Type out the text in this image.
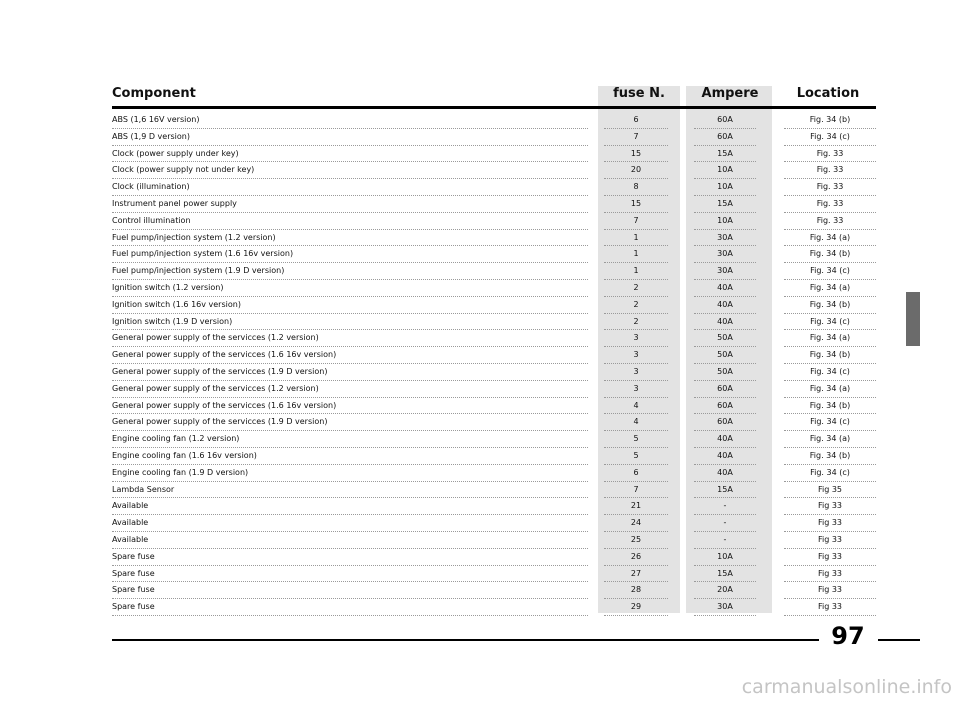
Component	fuse N.	Ampere	Location
ABS (1,6 16V version)	6	60A	Fig. 34 (b)
ABS (1,9 D version)	7	60A	Fig. 34 (c)
Clock (power supply under key)	15	15A	Fig. 33
Clock (power supply not under key)	20	10A	Fig. 33
Clock (illumination)	8	10A	Fig. 33
Instrument panel power supply	15	15A	Fig. 33
Control illumination	7	10A	Fig. 33
Fuel pump/injection system (1.2 version)	1	30A	Fig. 34 (a)
Fuel pump/injection system (1.6 16v version)	1	30A	Fig. 34 (b)
Fuel pump/injection system (1.9 D version)	1	30A	Fig. 34 (c)
Ignition switch (1.2 version)	2	40A	Fig. 34 (a)
Ignition switch (1.6 16v version)	2	40A	Fig. 34 (b)
Ignition switch (1.9 D version)	2	40A	Fig. 34 (c)
General power supply of the servicces (1.2 version)	3	50A	Fig. 34 (a)
General power supply of the servicces (1.6 16v version)	3	50A	Fig. 34 (b)
General power supply of the servicces (1.9 D version)	3	50A	Fig. 34 (c)
General power supply of the servicces (1.2 version)	3	60A	Fig. 34 (a)
General power supply of the servicces (1.6 16v version)	4	60A	Fig. 34 (b)
General power supply of the servicces (1.9 D version)	4	60A	Fig. 34 (c)
Engine cooling fan (1.2 version)	5	40A	Fig. 34 (a)
Engine cooling fan (1.6 16v version)	5	40A	Fig. 34 (b)
Engine cooling fan (1.9 D version)	6	40A	Fig. 34 (c)
Lambda Sensor	7	15A	Fig 35
Available	21	-	Fig 33
Available	24	-	Fig 33
Available	25	-	Fig 33
Spare fuse	26	10A	Fig 33
Spare fuse	27	15A	Fig 33
Spare fuse	28	20A	Fig 33
Spare fuse	29	30A	Fig 33
97
carmanualsonline.info
